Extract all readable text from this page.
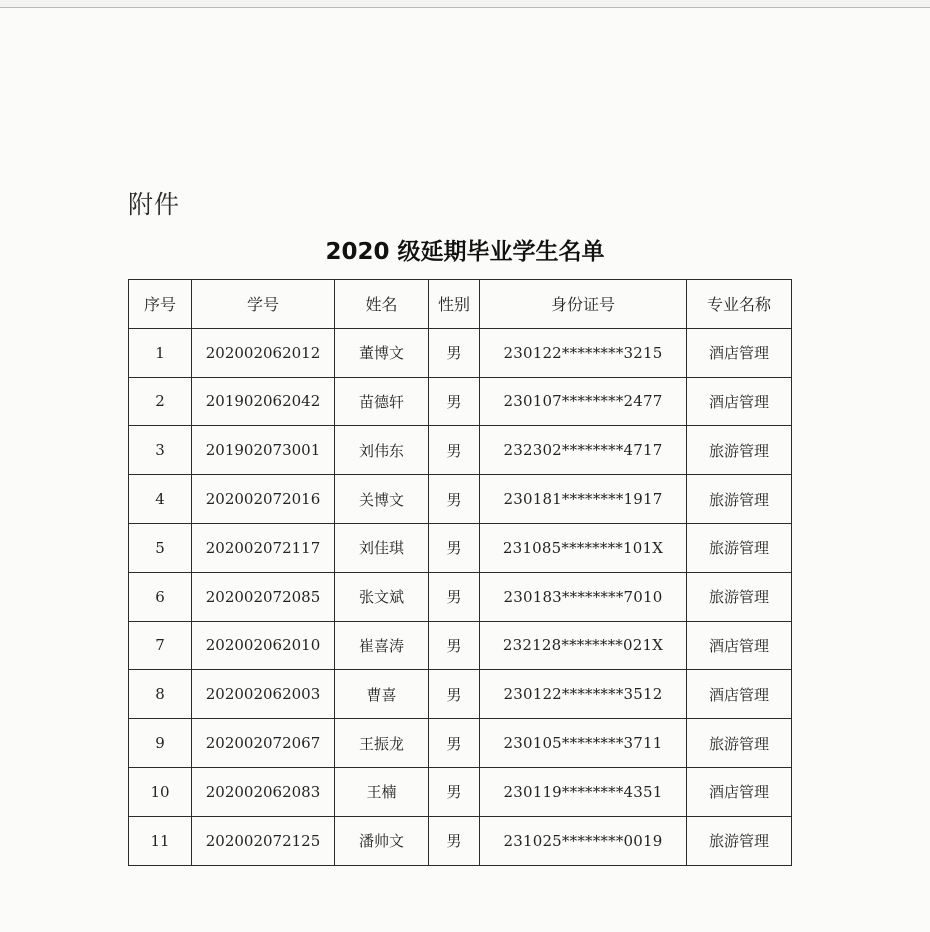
附件
2020 级延期毕业学生名单
序号	学号	姓名	性别	身份证号	专业名称
1	202002062012	董博文	男	230122********3215	酒店管理
2	201902062042	苗德轩	男	230107********2477	酒店管理
3	201902073001	刘伟东	男	232302********4717	旅游管理
4	202002072016	关博文	男	230181********1917	旅游管理
5	202002072117	刘佳琪	男	231085********101X	旅游管理
6	202002072085	张文斌	男	230183********7010	旅游管理
7	202002062010	崔喜涛	男	232128********021X	酒店管理
8	202002062003	曹喜	男	230122********3512	酒店管理
9	202002072067	王振龙	男	230105********3711	旅游管理
10	202002062083	王楠	男	230119********4351	酒店管理
11	202002072125	潘帅文	男	231025********0019	旅游管理
